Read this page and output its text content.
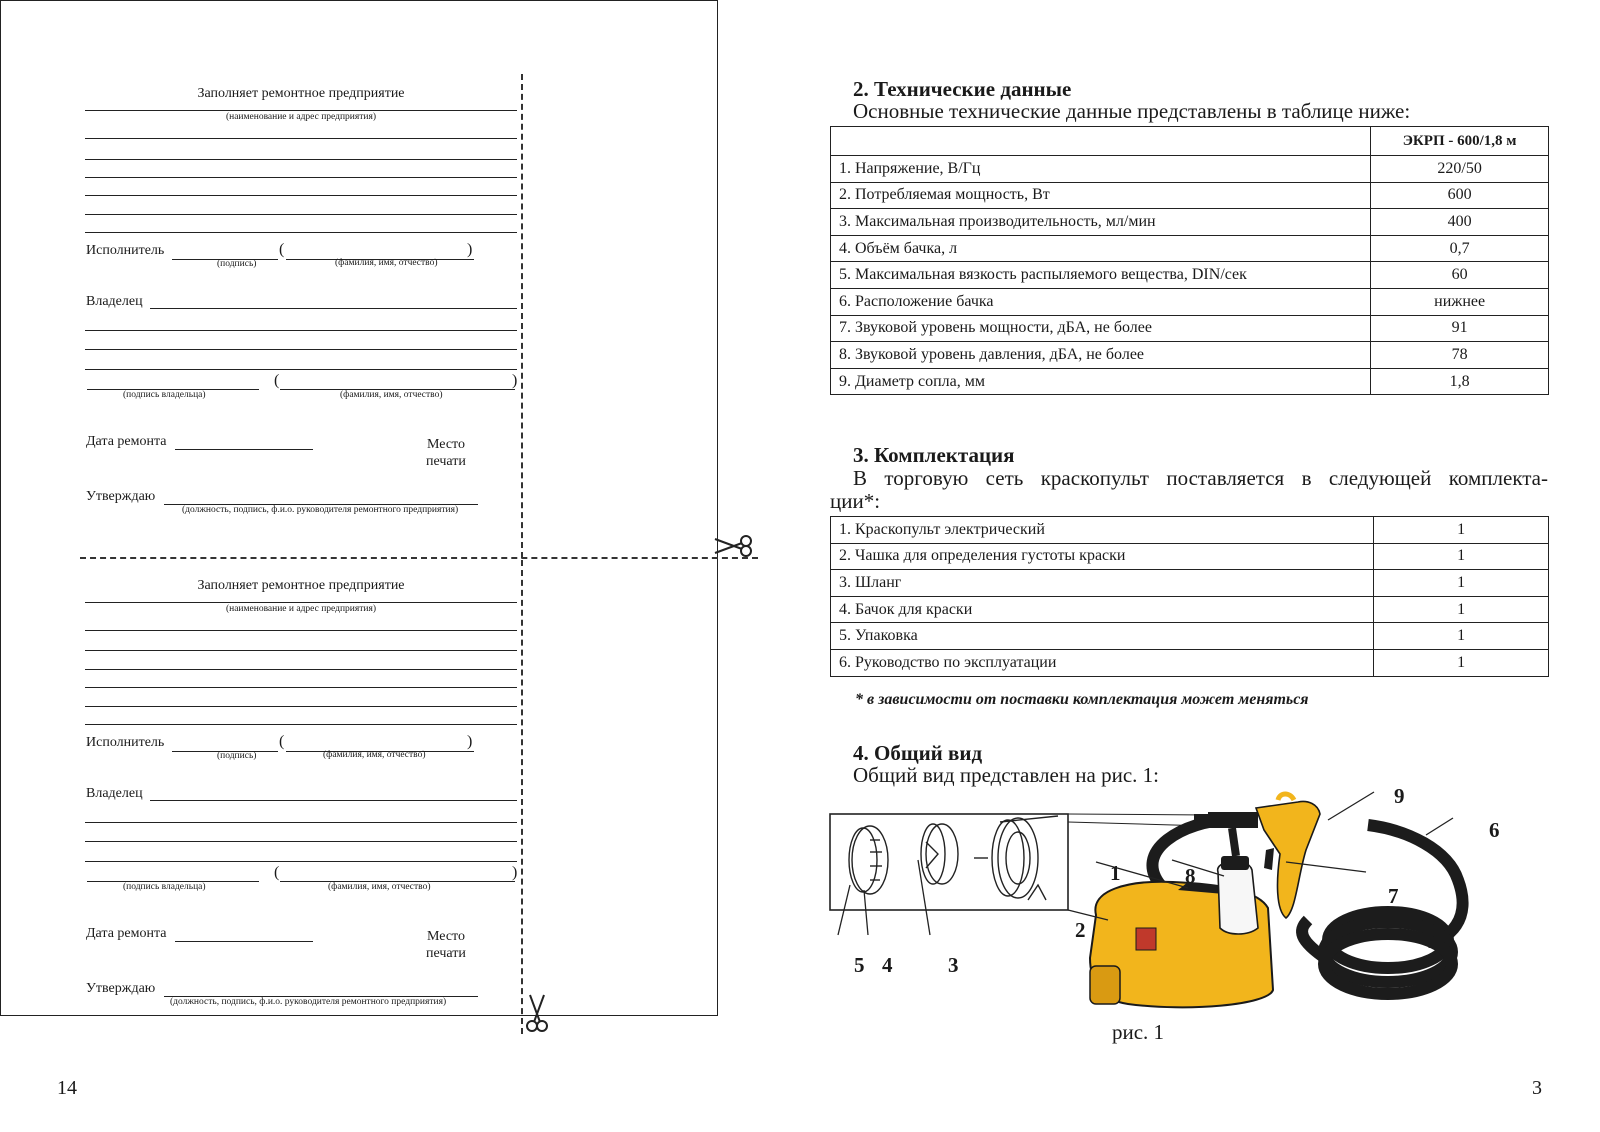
Заполняет ремонтное предприятие
(наименование и адрес предприятия)
Исполнитель	(	)
(подпись)	(фамилия, имя, отчество)
Владелец
(	)
(подпись владельца)	(фамилия, имя, отчество)
Дата ремонта	Место
печати
Утверждаю
(должность, подпись, ф.и.о. руководителя ремонтного предприятия)
Заполняет ремонтное предприятие
(наименование и адрес предприятия)
Исполнитель	(	)
(подпись)	(фамилия, имя, отчество)
Владелец
(	)
(подпись владельца)	(фамилия, имя, отчество)
Дата ремонта	Место
печати
Утверждаю
(должность, подпись, ф.и.о. руководителя ремонтного предприятия)
14
2. Технические данные
Основные технические данные представлены в таблице ниже:
	ЭКРП - 600/1,8 м
1. Напряжение, В/Гц	220/50
2. Потребляемая мощность, Вт	600
3. Максимальная производительность, мл/мин	400
4. Объём бачка, л	0,7
5. Максимальная вязкость распыляемого вещества, DIN/сек	60
6. Расположение бачка	нижнее
7. Звуковой уровень мощности, дБА, не более	91
8. Звуковой уровень давления, дБА, не более	78
9. Диаметр сопла, мм	1,8
3. Комплектация
В торговую сеть краскопульт поставляется в следующей комплекта-
ции*:
1. Краскопульт электрический	1
2. Чашка для определения густоты краски	1
3. Шланг	1
4. Бачок для краски	1
5. Упаковка	1
6. Руководство по эксплуатации	1
* в зависимости от поставки комплектация может меняться
4. Общий вид
Общий вид представлен на рис. 1:
5 4	3
1
2
8
7
9
6
рис. 1
3
